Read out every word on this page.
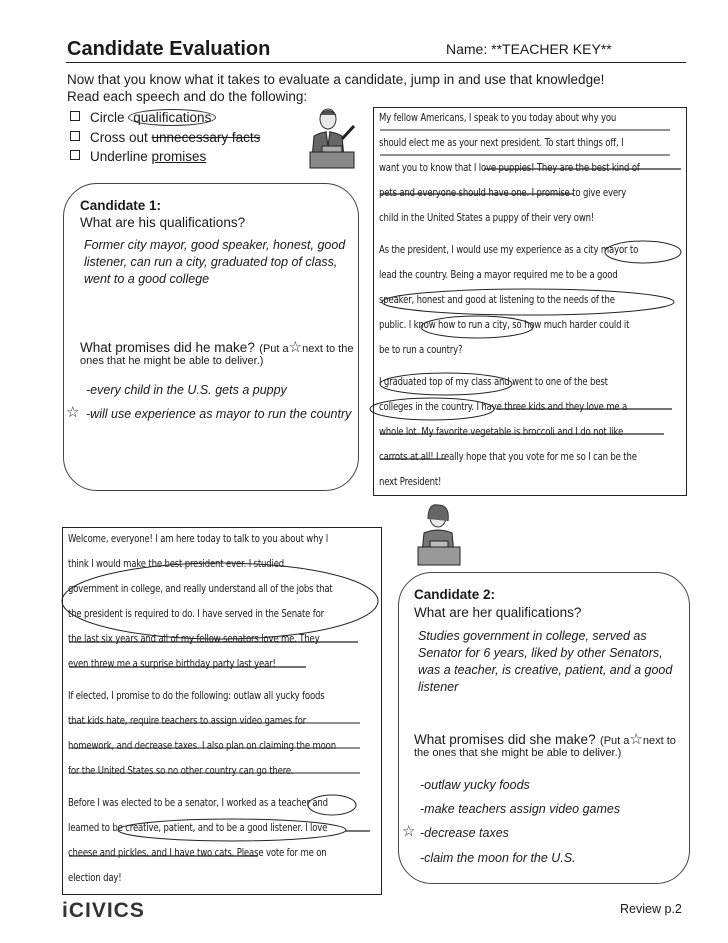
Candidate Evaluation	Name: **TEACHER KEY**
Now that you know what it takes to evaluate a candidate, jump in and use that knowledge!
Read each speech and do the following:
Circle qualifications
Cross out unnecessary facts
Underline promises
My fellow Americans, I speak to you today about why you
should elect me as your next president. To start things off, I
want you to know that I love puppies! They are the best kind of
pets and everyone should have one. I promise to give every
child in the United States a puppy of their very own!
As the president, I would use my experience as a city mayor to
lead the country. Being a mayor required me to be a good
speaker, honest and good at listening to the needs of the
public. I know how to run a city, so how much harder could it
be to run a country?
I graduated top of my class and went to one of the best
colleges in the country. I have three kids and they love me a
whole lot. My favorite vegetable is broccoli and I do not like
carrots at all! I really hope that you vote for me so I can be the
next President!
Candidate 1:
What are his qualifications?
Former city mayor, good speaker, honest, good listener, can run a city, graduated top of class, went to a good college
What promises did he make? (Put a☆next to the
ones that he might be able to deliver.)
-every child in the U.S. gets a puppy
☆ -will use experience as mayor to run the country
Welcome, everyone! I am here today to talk to you about why I
think I would make the best president ever. I studied
government in college, and really understand all of the jobs that
the president is required to do. I have served in the Senate for
the last six years and all of my fellow senators love me. They
even threw me a surprise birthday party last year!
If elected, I promise to do the following: outlaw all yucky foods
that kids hate, require teachers to assign video games for
homework, and decrease taxes. I also plan on claiming the moon
for the United States so no other country can go there.
Before I was elected to be a senator, I worked as a teacher and
learned to be creative, patient, and to be a good listener. I love
cheese and pickles, and I have two cats. Please vote for me on
election day!
Candidate 2:
What are her qualifications?
Studies government in college, served as Senator for 6 years, liked by other Senators, was a teacher, is creative, patient, and a good listener
What promises did she make? (Put a☆next to
the ones that she might be able to deliver.)
-outlaw yucky foods
-make teachers assign video games
☆ -decrease taxes
-claim the moon for the U.S.
iCIVICS	Review p.2
